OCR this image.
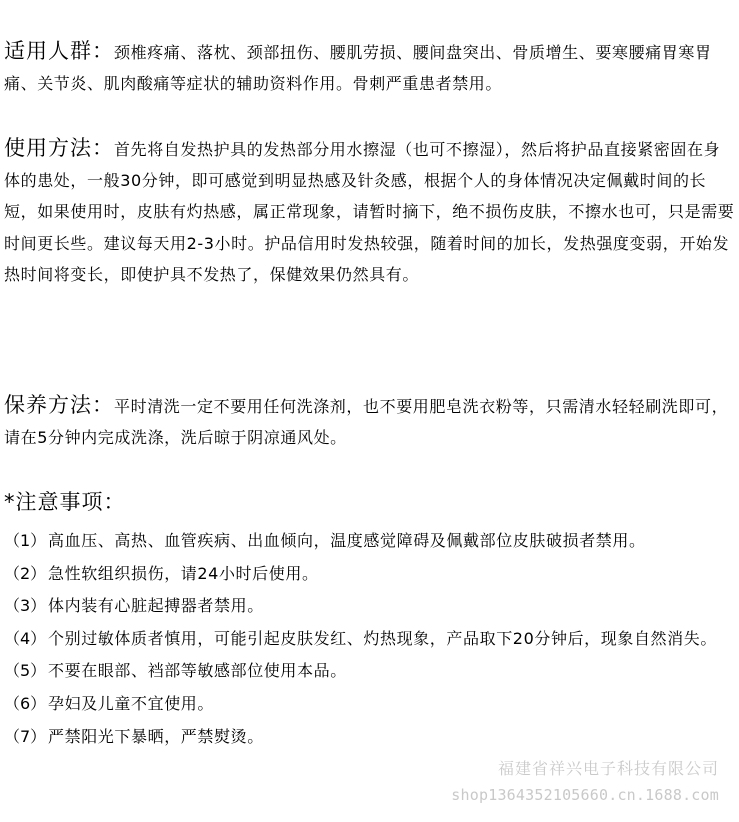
适用人群：颈椎疼痛、落枕、颈部扭伤、腰肌劳损、腰间盘突出、骨质增生、要寒腰痛胃寒胃痛、关节炎、肌肉酸痛等症状的辅助资料作用。骨刺严重患者禁用。
使用方法：首先将自发热护具的发热部分用水擦湿（也可不擦湿），然后将护品直接紧密固在身体的患处，一般30分钟，即可感觉到明显热感及针灸感，根据个人的身体情况决定佩戴时间的长短，如果使用时，皮肤有灼热感，属正常现象，请暂时摘下，绝不损伤皮肤，不擦水也可，只是需要时间更长些。建议每天用2-3小时。护品信用时发热较强，随着时间的加长，发热强度变弱，开始发热时间将变长，即使护具不发热了，保健效果仍然具有。
保养方法：平时清洗一定不要用任何洗涤剂，也不要用肥皂洗衣粉等，只需清水轻轻刷洗即可，请在5分钟内完成洗涤，洗后晾于阴凉通风处。
*注意事项：
（1） 高血压、高热、血管疾病、出血倾向，温度感觉障碍及佩戴部位皮肤破损者禁用。
（2） 急性软组织损伤，请24小时后使用。
（3） 体内装有心脏起搏器者禁用。
（4） 个别过敏体质者慎用，可能引起皮肤发红、灼热现象，产品取下20分钟后，现象自然消失。
（5） 不要在眼部、裆部等敏感部位使用本品。
（6） 孕妇及儿童不宜使用。
（7） 严禁阳光下暴晒，严禁熨烫。
福建省祥兴电子科技有限公司
shop1364352105660.cn.1688.com
